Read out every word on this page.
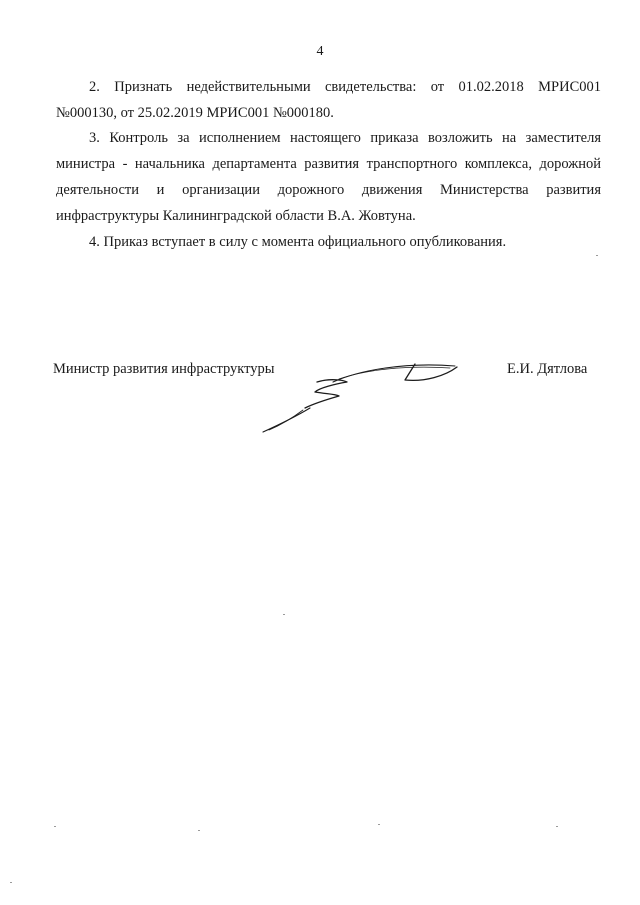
4

2. Признать недействительными свидетельства: от 01.02.2018 МРИС001 №000130, от 25.02.2019 МРИС001 №000180.

3. Контроль за исполнением настоящего приказа возложить на заместителя министра - начальника департамента развития транспортного комплекса, дорожной деятельности и организации дорожного движения Министерства развития инфраструктуры Калининградской области В.А. Жовтуна.

4. Приказ вступает в силу с момента официального опубликования.

Министр развития инфраструктуры	Е.И. Дятлова
